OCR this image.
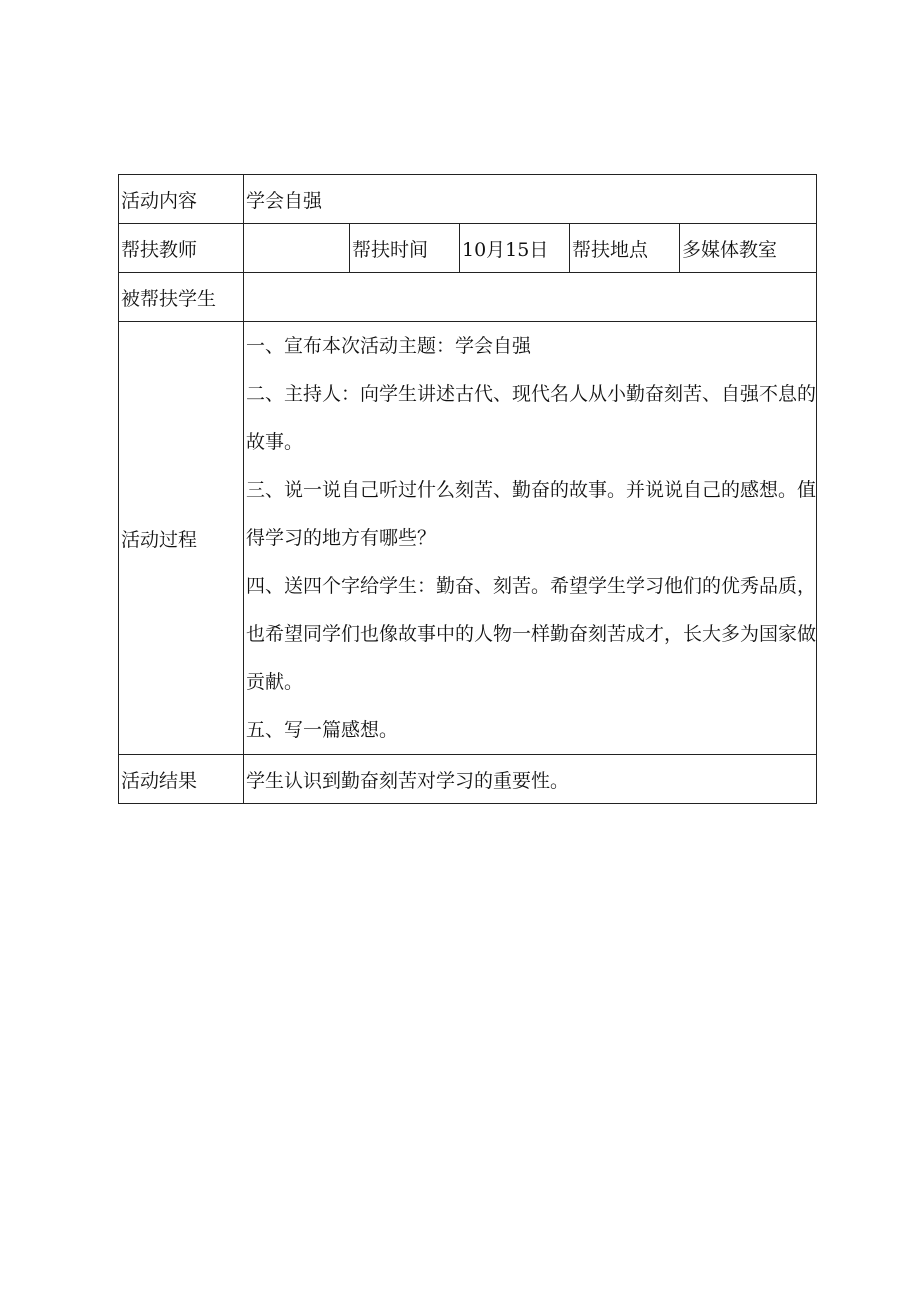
活动内容	学会自强				
帮扶教师		帮扶时间	10月15日	帮扶地点	多媒体教室
被帮扶学生					
活动过程	一、宣布本次活动主题：学会自强
二、主持人：向学生讲述古代、现代名人从小勤奋刻苦、自强不息的故事。
三、说一说自己听过什么刻苦、勤奋的故事。并说说自己的感想。值得学习的地方有哪些？
四、送四个字给学生：勤奋、刻苦。希望学生学习他们的优秀品质，也希望同学们也像故事中的人物一样勤奋刻苦成才，长大多为国家做贡献。
五、写一篇感想。				

活动结果	学生认识到勤奋刻苦对学习的重要性。				
